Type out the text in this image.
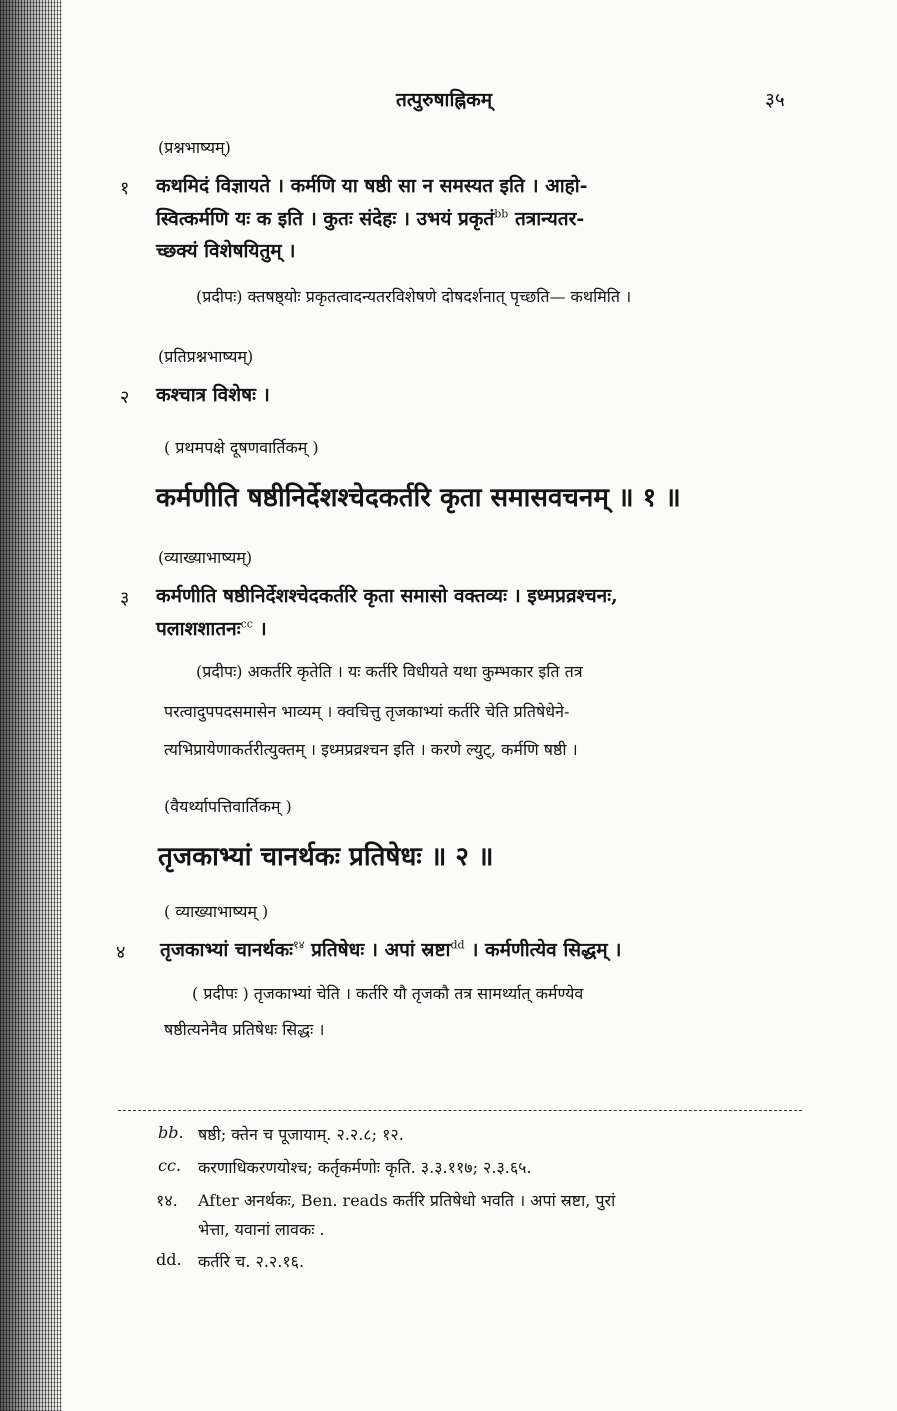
तत्पुरुषाह्निकम्	३५
(प्रश्नभाष्यम्)
१ कथमिदं विज्ञायते । कर्मणि या षष्ठी सा न समस्यत इति । आहो-
स्वित्कर्मणि यः क इति । कुतः संदेहः । उभयं प्रकृतं$^{bb}$ तत्रान्यतर-
च्छक्यं विशेषयितुम् ।
(प्रदीपः) क्तषष्ठ्योः प्रकृतत्वादन्यतरविशेषणे दोषदर्शनात् पृच्छति— कथमिति ।
(प्रतिप्रश्नभाष्यम्)
२ कश्चात्र विशेषः ।
( प्रथमपक्षे दूषणवार्तिकम् )
कर्मणीति षष्ठीनिर्देशश्चेदकर्तरि कृता समासवचनम् ॥ १ ॥
(व्याख्याभाष्यम्)
३ कर्मणीति षष्ठीनिर्देशश्चेदकर्तरि कृता समासो वक्तव्यः । इध्मप्रव्रश्चनः,
पलाशशातनः$^{cc}$ ।
(प्रदीपः) अकर्तरि कृतेति । यः कर्तरि विधीयते यथा कुम्भकार इति तत्र
परत्वादुपपदसमासेन भाव्यम् । क्वचित्तु तृजकाभ्यां कर्तरि चेति प्रतिषेधेने-
त्यभिप्रायेणाकर्तरीत्युक्तम् । इध्मप्रव्रश्चन इति । करणे ल्युट्, कर्मणि षष्ठी ।
(वैयर्थ्यापत्तिवार्तिकम् )
तृजकाभ्यां चानर्थकः प्रतिषेधः ॥ २ ॥
( व्याख्याभाष्यम् )
४ तृजकाभ्यां चानर्थकः$^{१४}$ प्रतिषेधः । अपां स्रष्टा$^{dd}$ । कर्मणीत्येव सिद्धम् ।
( प्रदीपः ) तृजकाभ्यां चेति । कर्तरि यौ तृजकौ तत्र सामर्थ्यात् कर्मण्येव
षष्ठीत्यनेनैव प्रतिषेधः सिद्धः ।
bb. षष्ठी; क्तेन च पूजायाम्. २.२.८; १२.
cc. करणाधिकरणयोश्च; कर्तृकर्मणोः कृति. ३.३.११७; २.३.६५.
१४. After अनर्थकः, Ben. reads कर्तरि प्रतिषेधो भवति । अपां स्रष्टा, पुरां
भेत्ता, यवानां लावकः .
dd. कर्तरि च. २.२.१६.
